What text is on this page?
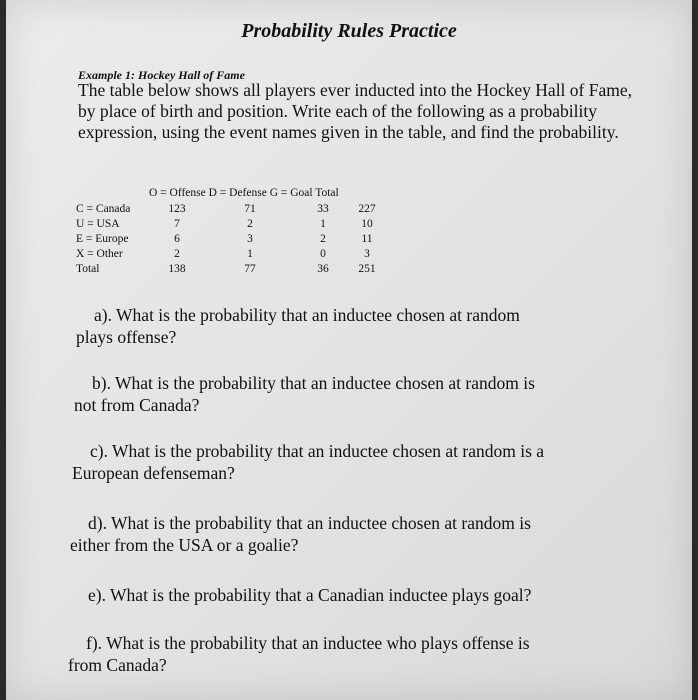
Probability Rules Practice
Example 1: Hockey Hall of Fame
The table below shows all players ever inducted into the Hockey Hall of Fame, by place of birth and position. Write each of the following as a probability expression, using the event names given in the table, and find the probability.
O = Offense D = Defense G = Goal Total

C = Canada	123	71	33	227
U = USA	7	2	1	10
E = Europe	6	3	2	11
X = Other	2	1	0	3
Total	138	77	36	251
a). What is the probability that an inductee chosen at random
plays offense?
b). What is the probability that an inductee chosen at random is
not from Canada?
c). What is the probability that an inductee chosen at random is a
European defenseman?
d). What is the probability that an inductee chosen at random is
either from the USA or a goalie?
e). What is the probability that a Canadian inductee plays goal?
f). What is the probability that an inductee who plays offense is
from Canada?
